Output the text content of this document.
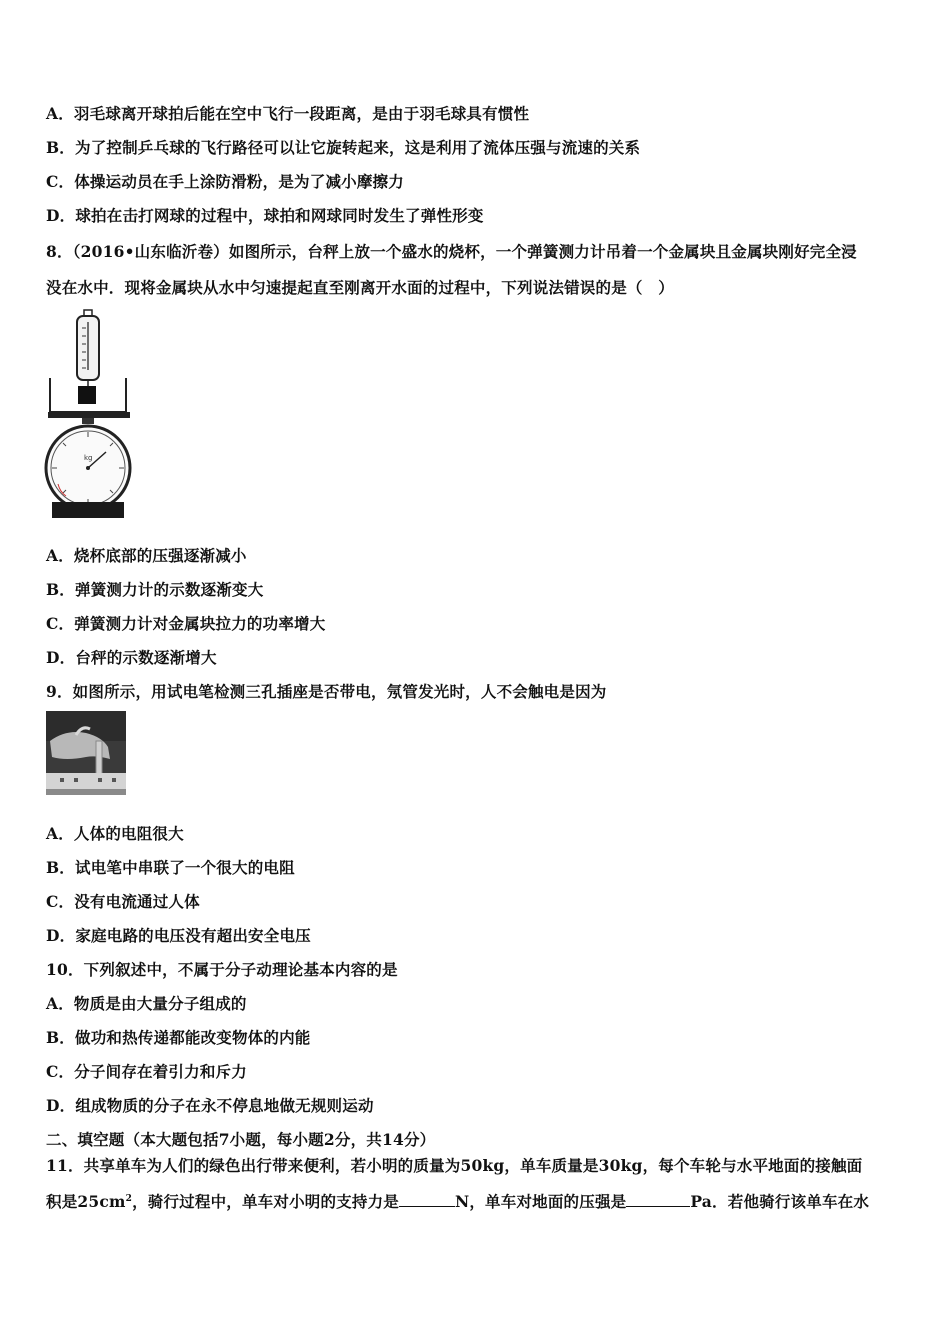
A．羽毛球离开球拍后能在空中飞行一段距离，是由于羽毛球具有惯性
B．为了控制乒乓球的飞行路径可以让它旋转起来，这是利用了流体压强与流速的关系
C．体操运动员在手上涂防滑粉，是为了减小摩擦力
D．球拍在击打网球的过程中，球拍和网球同时发生了弹性形变
8．（2016•山东临沂卷）如图所示，台秤上放一个盛水的烧杯，一个弹簧测力计吊着一个金属块且金属块刚好完全浸
没在水中．现将金属块从水中匀速提起直至刚离开水面的过程中，下列说法错误的是（　）
kg
A．烧杯底部的压强逐渐减小
B．弹簧测力计的示数逐渐变大
C．弹簧测力计对金属块拉力的功率增大
D．台秤的示数逐渐增大
9．如图所示，用试电笔检测三孔插座是否带电，氖管发光时，人不会触电是因为
A．人体的电阻很大
B．试电笔中串联了一个很大的电阻
C．没有电流通过人体
D．家庭电路的电压没有超出安全电压
10．下列叙述中，不属于分子动理论基本内容的是
A．物质是由大量分子组成的
B．做功和热传递都能改变物体的内能
C．分子间存在着引力和斥力
D．组成物质的分子在永不停息地做无规则运动
二、填空题（本大题包括7小题，每小题2分，共14分）
11．共享单车为人们的绿色出行带来便利，若小明的质量为50kg，单车质量是30kg，每个车轮与水平地面的接触面
积是$25cm^2$，骑行过程中，单车对小明的支持力是	N，单车对地面的压强是	Pa．若他骑行该单车在水
